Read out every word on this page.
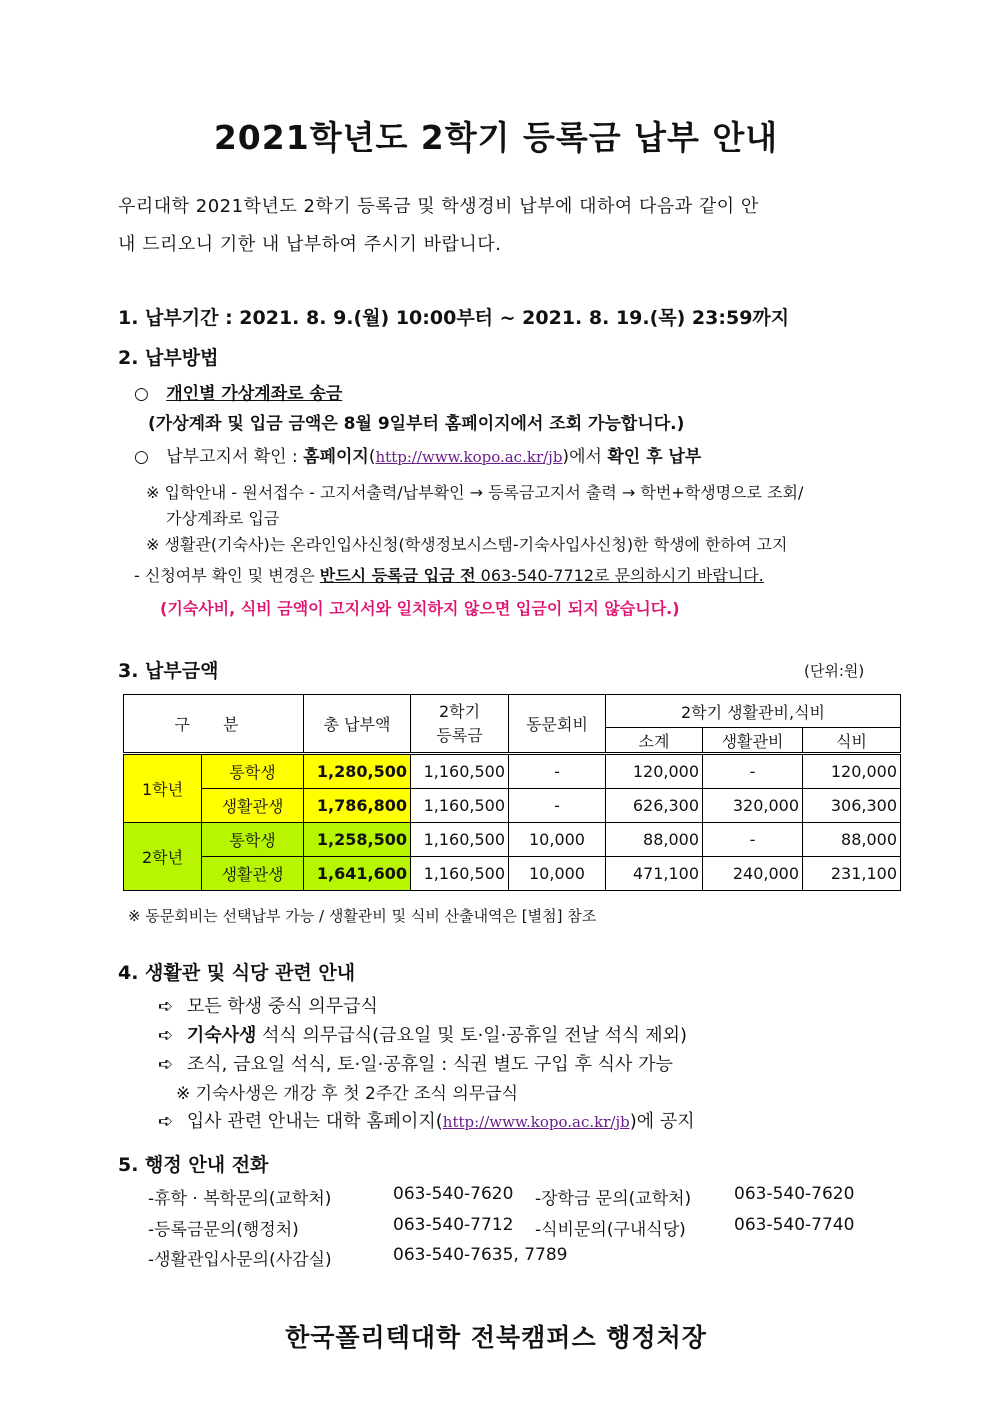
2021학년도 2학기 등록금 납부 안내
우리대학 2021학년도 2학기 등록금 및 학생경비 납부에 대하여 다음과 같이 안
내 드리오니 기한 내 납부하여 주시기 바랍니다.
1. 납부기간 : 2021. 8. 9.(월) 10:00부터 ~ 2021. 8. 19.(목) 23:59까지
2. 납부방법
○ 개인별 가상계좌로 송금
(가상계좌 및 입금 금액은 8월 9일부터 홈페이지에서 조회 가능합니다.)
○ 납부고지서 확인 : 홈페이지(http://www.kopo.ac.kr/jb)에서 확인 후 납부
※ 입학안내 - 원서접수 - 고지서출력/납부확인 → 등록금고지서 출력 → 학번+학생명으로 조회/
가상계좌로 입금
※ 생활관(기숙사)는 온라인입사신청(학생정보시스템-기숙사입사신청)한 학생에 한하여 고지
- 신청여부 확인 및 변경은 반드시 등록금 입금 전 063-540-7712로 문의하시기 바랍니다.
(기숙사비, 식비 금액이 고지서와 일치하지 않으면 입금이 되지 않습니다.)
3. 납부금액	(단위:원)
구 분		총 납부액	2학기
등록금	동문회비	2학기 생활관비,식비		
					소계	생활관비	식비
1학년	통학생	1,280,500	1,160,500	-	120,000	-	120,000
	생활관생	1,786,800	1,160,500	-	626,300	320,000	306,300
2학년	통학생	1,258,500	1,160,500	10,000	88,000	-	88,000
	생활관생	1,641,600	1,160,500	10,000	471,100	240,000	231,100
※ 동문회비는 선택납부 가능 / 생활관비 및 식비 산출내역은 [별첨] 참조
4. 생활관 및 식당 관련 안내
➪ 모든 학생 중식 의무급식
➪ 기숙사생 석식 의무급식(금요일 및 토·일·공휴일 전날 석식 제외)
➪ 조식, 금요일 석식, 토·일·공휴일 : 식권 별도 구입 후 식사 가능
※ 기숙사생은 개강 후 첫 2주간 조식 의무급식
➪ 입사 관련 안내는 대학 홈페이지(http://www.kopo.ac.kr/jb)에 공지
5. 행정 안내 전화
-휴학 · 복학문의(교학처)	063-540-7620 -장학금 문의(교학처)	063-540-7620
-등록금문의(행정처)	063-540-7712 -식비문의(구내식당)	063-540-7740
-생활관입사문의(사감실)	063-540-7635, 7789
한국폴리텍대학 전북캠퍼스 행정처장
